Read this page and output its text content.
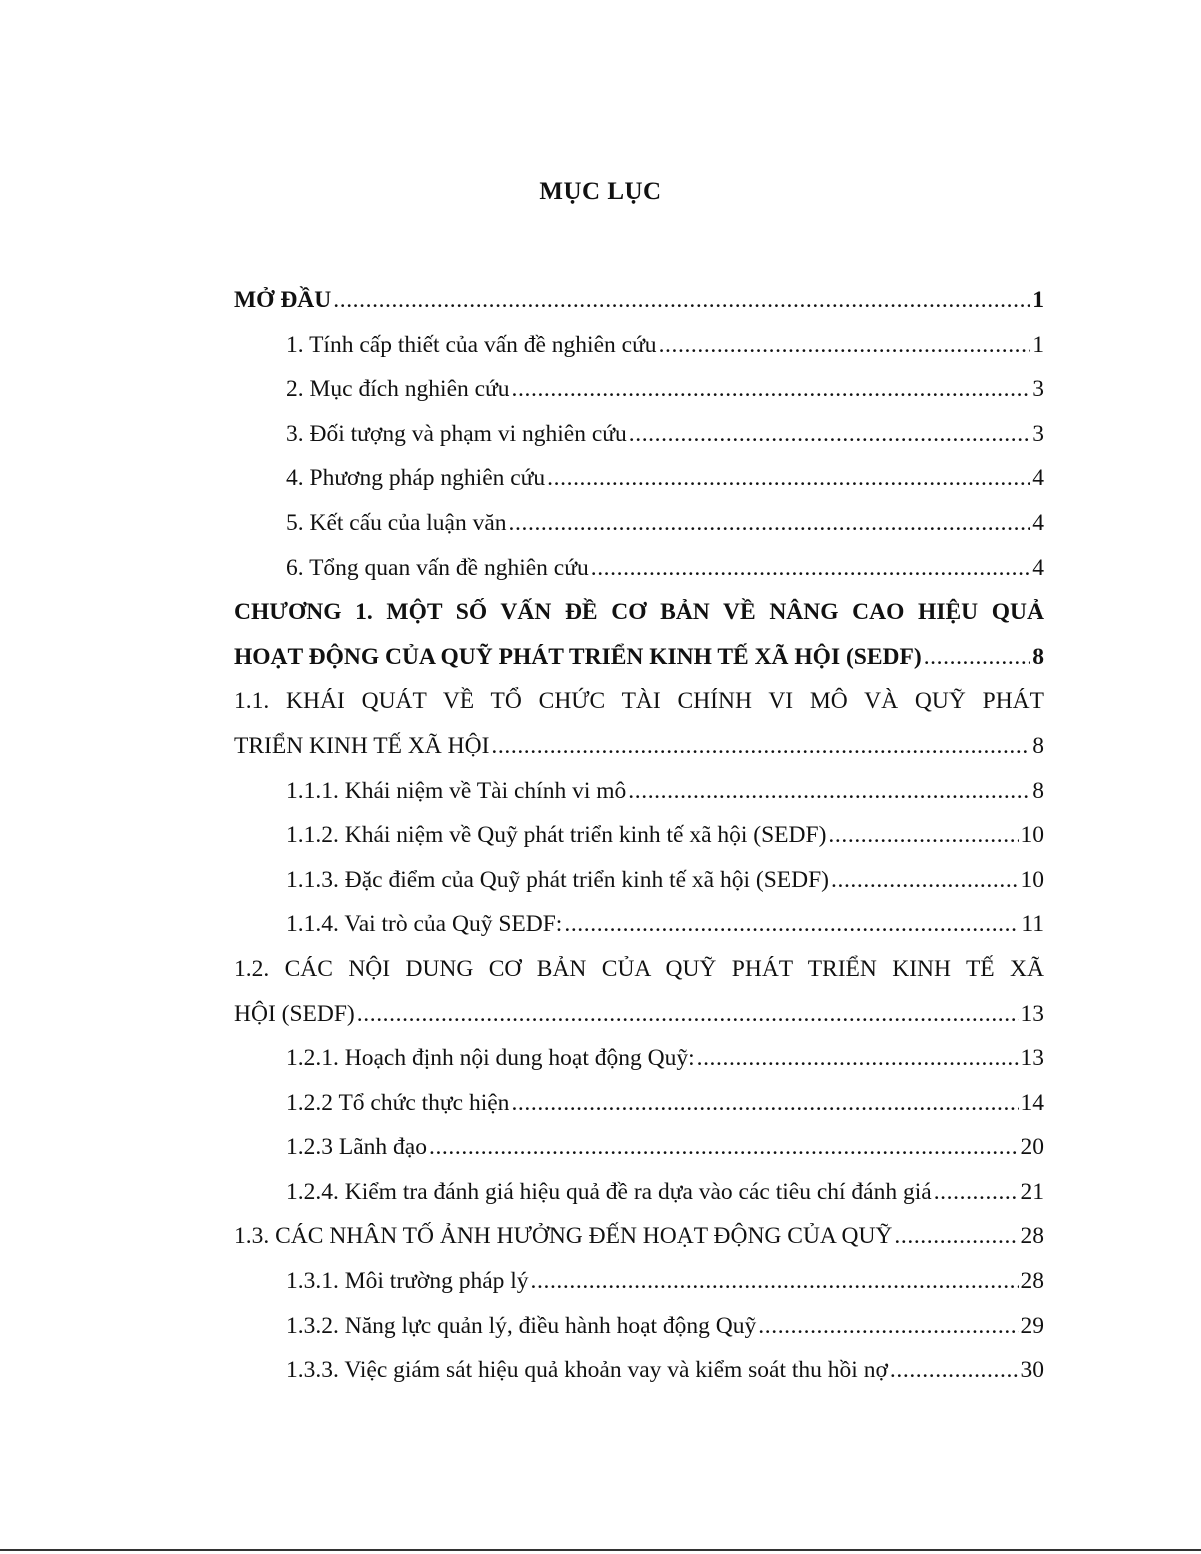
MỤC LỤC
MỞ ĐẦU .....	1
1. Tính cấp thiết của vấn đề nghiên cứu .....	1
2. Mục đích nghiên cứu .....	3
3. Đối tượng và phạm vi nghiên cứu .....	3
4. Phương pháp nghiên cứu .....	4
5. Kết cấu của luận văn .....	4
6. Tổng quan vấn đề nghiên cứu .....	4
CHƯƠNG 1. MỘT SỐ VẤN ĐỀ CƠ BẢN VỀ NÂNG CAO HIỆU QUẢ
HOẠT ĐỘNG CỦA QUỸ PHÁT TRIỂN KINH TẾ XÃ HỘI (SEDF) .....	8
1.1. KHÁI QUÁT VỀ TỔ CHỨC TÀI CHÍNH VI MÔ VÀ QUỸ PHÁT
TRIỂN KINH TẾ XÃ HỘI .....	8
1.1.1. Khái niệm về Tài chính vi mô .....	8
1.1.2. Khái niệm về Quỹ phát triển kinh tế xã hội (SEDF) .....	10
1.1.3. Đặc điểm của Quỹ phát triển kinh tế xã hội (SEDF) .....	10
1.1.4. Vai trò của Quỹ SEDF: .....	11
1.2. CÁC NỘI DUNG CƠ BẢN CỦA QUỸ PHÁT TRIỂN KINH TẾ XÃ
HỘI (SEDF) .....	13
1.2.1. Hoạch định nội dung hoạt động Quỹ: .....	13
1.2.2 Tổ chức thực hiện .....	14
1.2.3 Lãnh đạo .....	20
1.2.4. Kiểm tra đánh giá hiệu quả đề ra dựa vào các tiêu chí đánh giá .....	21
1.3. CÁC NHÂN TỐ ẢNH HƯỞNG ĐẾN HOẠT ĐỘNG CỦA QUỸ .....	28
1.3.1. Môi trường pháp lý .....	28
1.3.2. Năng lực quản lý, điều hành hoạt động Quỹ .....	29
1.3.3. Việc giám sát hiệu quả khoản vay và kiểm soát thu hồi nợ .....	30
